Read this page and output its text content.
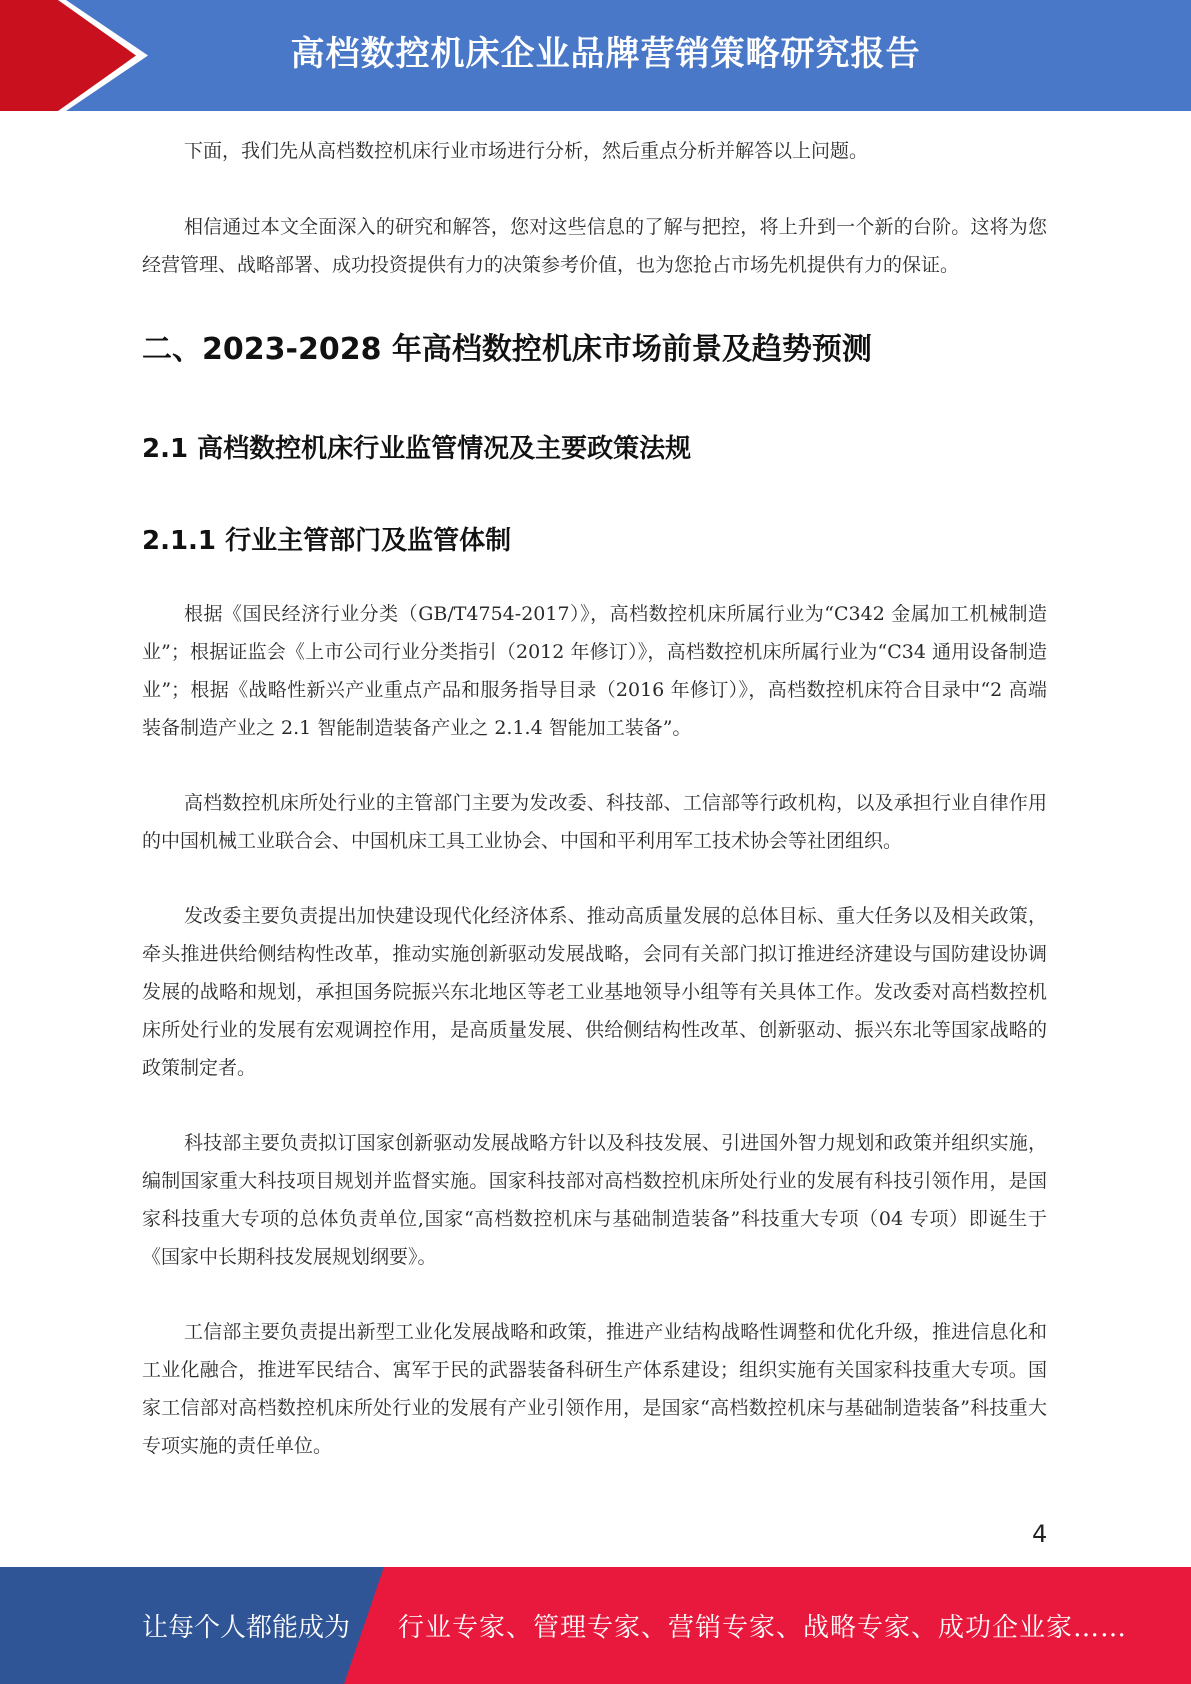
高档数控机床企业品牌营销策略研究报告

下面，我们先从高档数控机床行业市场进行分析，然后重点分析并解答以上问题。

相信通过本文全面深入的研究和解答，您对这些信息的了解与把控，将上升到一个新的台阶。这将为您经营管理、战略部署、成功投资提供有力的决策参考价值，也为您抢占市场先机提供有力的保证。

二、2023-2028 年高档数控机床市场前景及趋势预测
2.1 高档数控机床行业监管情况及主要政策法规
2.1.1 行业主管部门及监管体制

根据《国民经济行业分类（GB/T4754-2017）》，高档数控机床所属行业为“C342 金属加工机械制造业”；根据证监会《上市公司行业分类指引（2012 年修订）》，高档数控机床所属行业为“C34 通用设备制造业”；根据《战略性新兴产业重点产品和服务指导目录（2016 年修订）》，高档数控机床符合目录中“2 高端装备制造产业之 2.1 智能制造装备产业之 2.1.4 智能加工装备”。

高档数控机床所处行业的主管部门主要为发改委、科技部、工信部等行政机构，以及承担行业自律作用的中国机械工业联合会、中国机床工具工业协会、中国和平利用军工技术协会等社团组织。

发改委主要负责提出加快建设现代化经济体系、推动高质量发展的总体目标、重大任务以及相关政策，牵头推进供给侧结构性改革，推动实施创新驱动发展战略，会同有关部门拟订推进经济建设与国防建设协调发展的战略和规划，承担国务院振兴东北地区等老工业基地领导小组等有关具体工作。发改委对高档数控机床所处行业的发展有宏观调控作用，是高质量发展、供给侧结构性改革、创新驱动、振兴东北等国家战略的政策制定者。

科技部主要负责拟订国家创新驱动发展战略方针以及科技发展、引进国外智力规划和政策并组织实施，编制国家重大科技项目规划并监督实施。国家科技部对高档数控机床所处行业的发展有科技引领作用，是国家科技重大专项的总体负责单位,国家“高档数控机床与基础制造装备”科技重大专项（04 专项）即诞生于《国家中长期科技发展规划纲要》。

工信部主要负责提出新型工业化发展战略和政策，推进产业结构战略性调整和优化升级，推进信息化和工业化融合，推进军民结合、寓军于民的武器装备科研生产体系建设；组织实施有关国家科技重大专项。国家工信部对高档数控机床所处行业的发展有产业引领作用，是国家“高档数控机床与基础制造装备”科技重大专项实施的责任单位。

4
让每个人都能成为 行业专家、管理专家、营销专家、战略专家、成功企业家……
